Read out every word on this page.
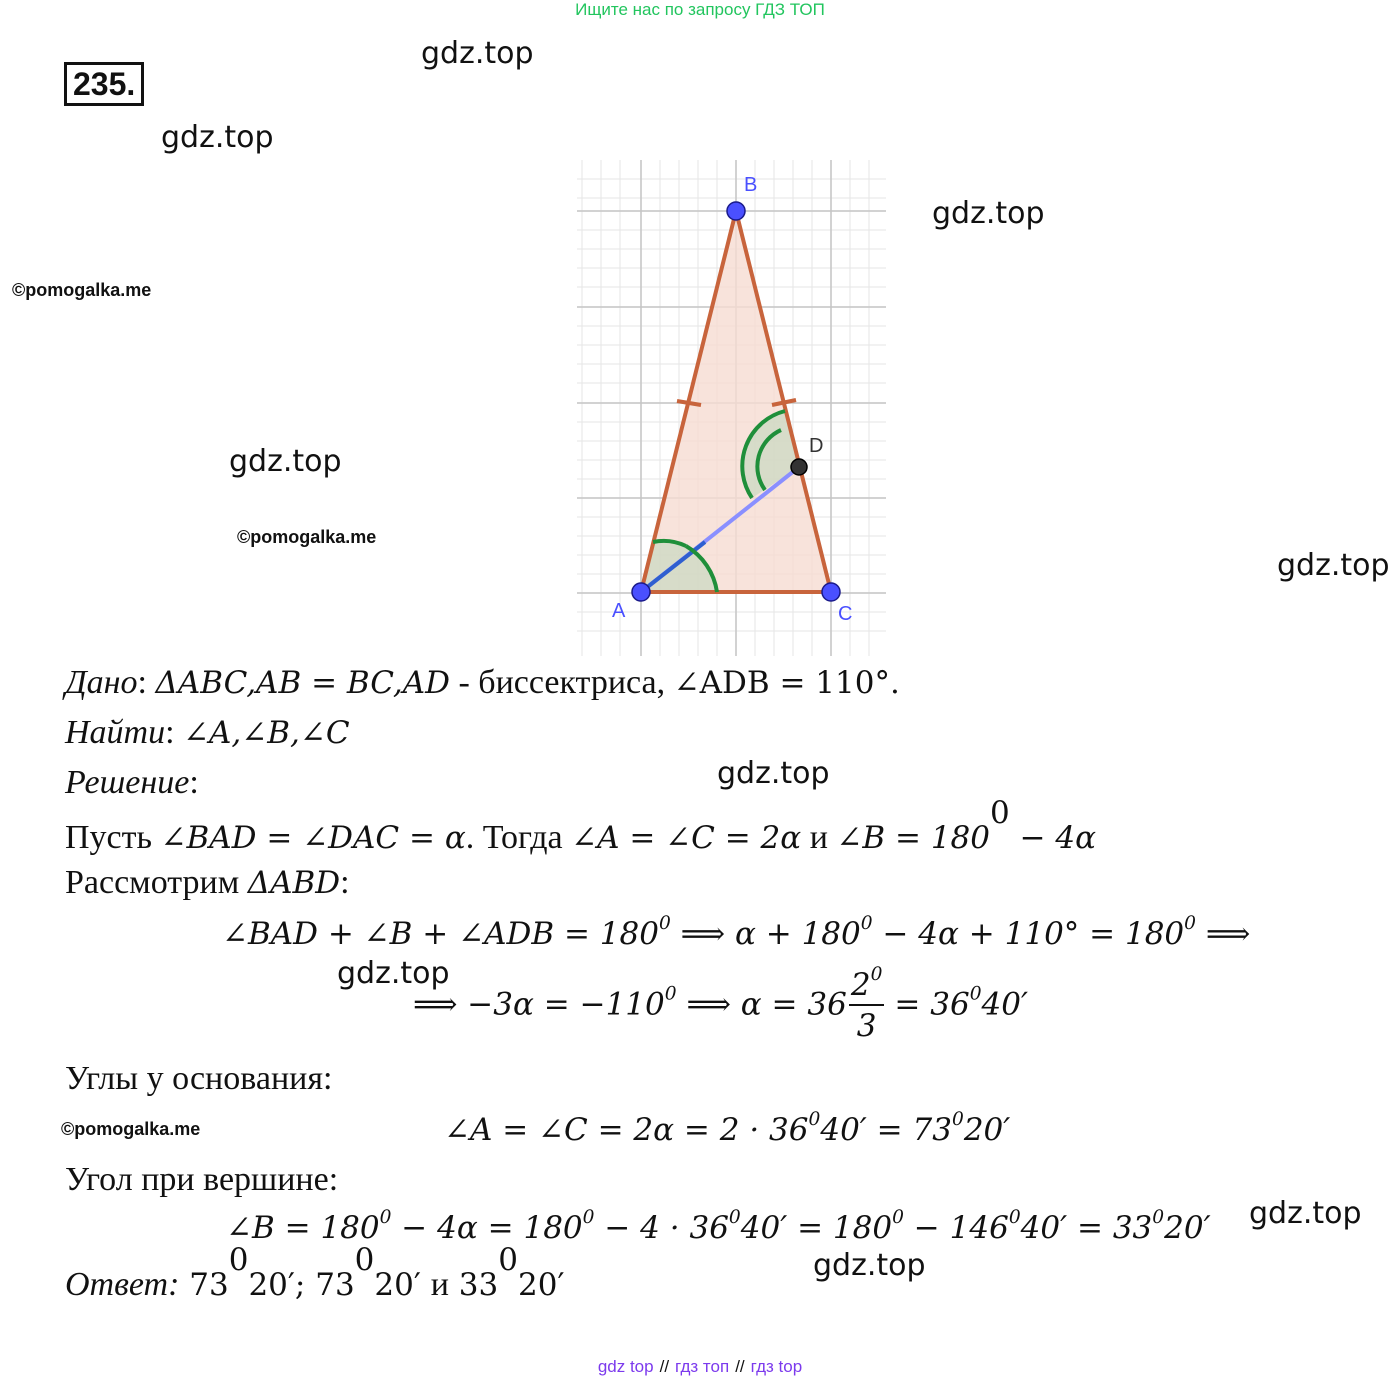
Ищите нас по запросу ГДЗ ТОП
235.
gdz.top
gdz.top
gdz.top
gdz.top
gdz.top
gdz.top
gdz.top
gdz.top
gdz.top
©pomogalka.me
©pomogalka.me
©pomogalka.me
B
A	C
D
Дано: ΔABC,AB = BC,AD - биссектриса, ∠ADB = 110°.
Найти: ∠A,∠B,∠C
Решение:
Пусть ∠BAD = ∠DAC = α. Тогда ∠A = ∠C = 2α и ∠B = $180^0 - 4\alpha$
Рассмотрим ΔABD:
∠BAD + ∠B + ∠ADB = $180^0$ ⟹ $\alpha + 180^0 - 4\alpha + 110^\circ = 180^0$ ⟹
⟹ $-3\alpha = -110^0$ ⟹ $\alpha = 36 \frac{2^0}{3} = 36^040'$
Углы у основания:
∠A = ∠C = $2\alpha = 2 \cdot 36^040' = 73^020'$
Угол при вершине:
∠B = $180^0 - 4\alpha = 180^0 - 4 \cdot 36^040' = 180^0 - 146^040' = 33^020'$
Ответ: $73^020'$; $73^020'$ и $33^020'$
gdz top // гдз топ // гдз top
